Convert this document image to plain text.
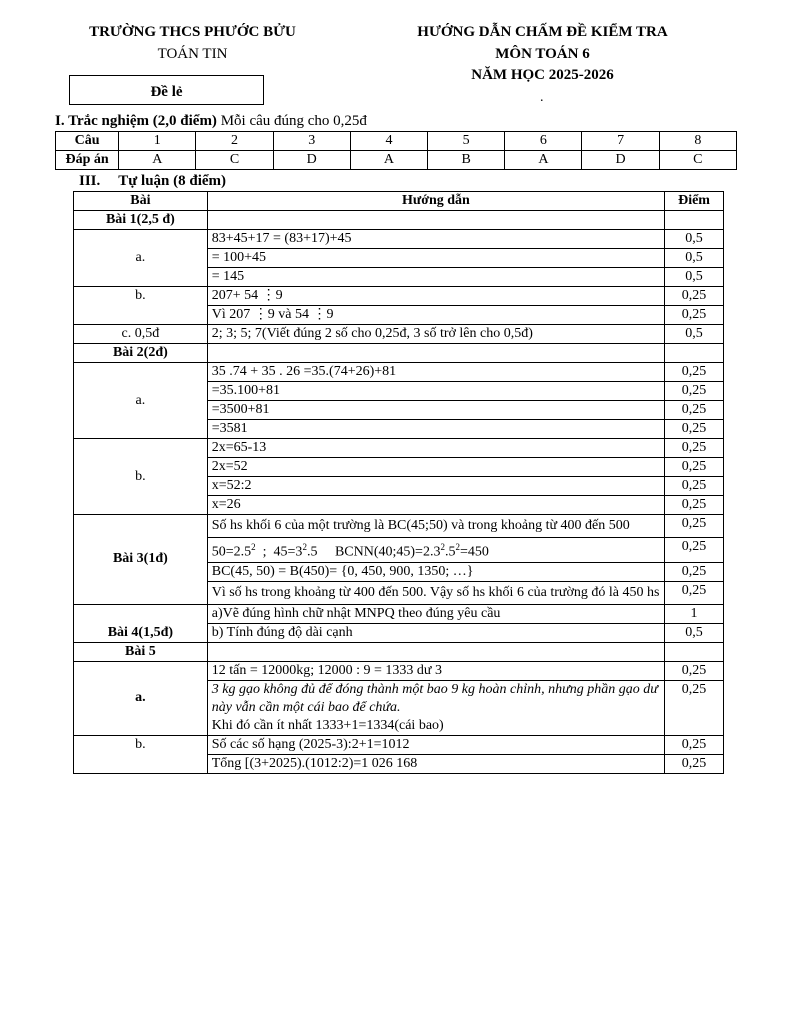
TRƯỜNG THCS PHƯỚC BỬU
TOÁN TIN
HƯỚNG DẪN CHẤM ĐỀ KIỂM TRA
MÔN TOÁN 6
NĂM HỌC 2025-2026
.
Đề lẻ
I. Trắc nghiệm (2,0 điểm) Mỗi câu đúng cho 0,25đ
Câu	1	2	3	4	5	6	7	8
Đáp án	A	C	D	A	B	A	D	C
III. Tự luận (8 điểm)
Bài	Hướng dẫn	Điểm
Bài 1(2,5 đ)		
a.	83+45+17 = (83+17)+45	0,5
	= 100+45	0,5
	= 145	0,5
b.	207+ 54 ⋮9	0,25
	Vì 207 ⋮9 và 54 ⋮9	0,25
c. 0,5đ	2; 3; 5; 7(Viết đúng 2 số cho 0,25đ, 3 số trở lên cho 0,5đ)	0,5
Bài 2(2đ)		
a.	35 .74 + 35 . 26 =35.(74+26)+81	0,25
	=35.100+81	0,25
	=3500+81	0,25
	=3581	0,25
b.	2x=65-13	0,25
	2x=52	0,25
	x=52:2	0,25
	x=26	0,25
Bài 3(1đ)	Số hs khối 6 của một trường là BC(45;50) và trong khoảng từ 400 đến 500	0,25
	$50=2.5^2$  ;  $45=3^2.5$     $BCNN(40;45)=2.3^2.5^2=450$	0,25
	BC(45, 50) = B(450)= {0, 450, 900, 1350; …}	0,25
	Vì số hs trong khoảng từ 400 đến 500. Vậy số hs khối 6 của trường đó là 450 hs	0,25
Bài 4(1,5đ)	a)Vẽ đúng hình chữ nhật MNPQ theo đúng yêu cầu	1
	b) Tính đúng độ dài cạnh	0,5
Bài 5		
a.	12 tấn = 12000kg; 12000 : 9 = 1333 dư 3	0,25
	3 kg gạo không đủ để đóng thành một bao 9 kg hoàn chỉnh, nhưng phần gạo dư này vẫn cần một cái bao để chứa.
Khi đó cần ít nhất 1333+1=1334(cái bao)	0,25
b.	Số các số hạng (2025-3):2+1=1012	0,25
	Tổng [(3+2025).(1012:2)=1 026 168	0,25
